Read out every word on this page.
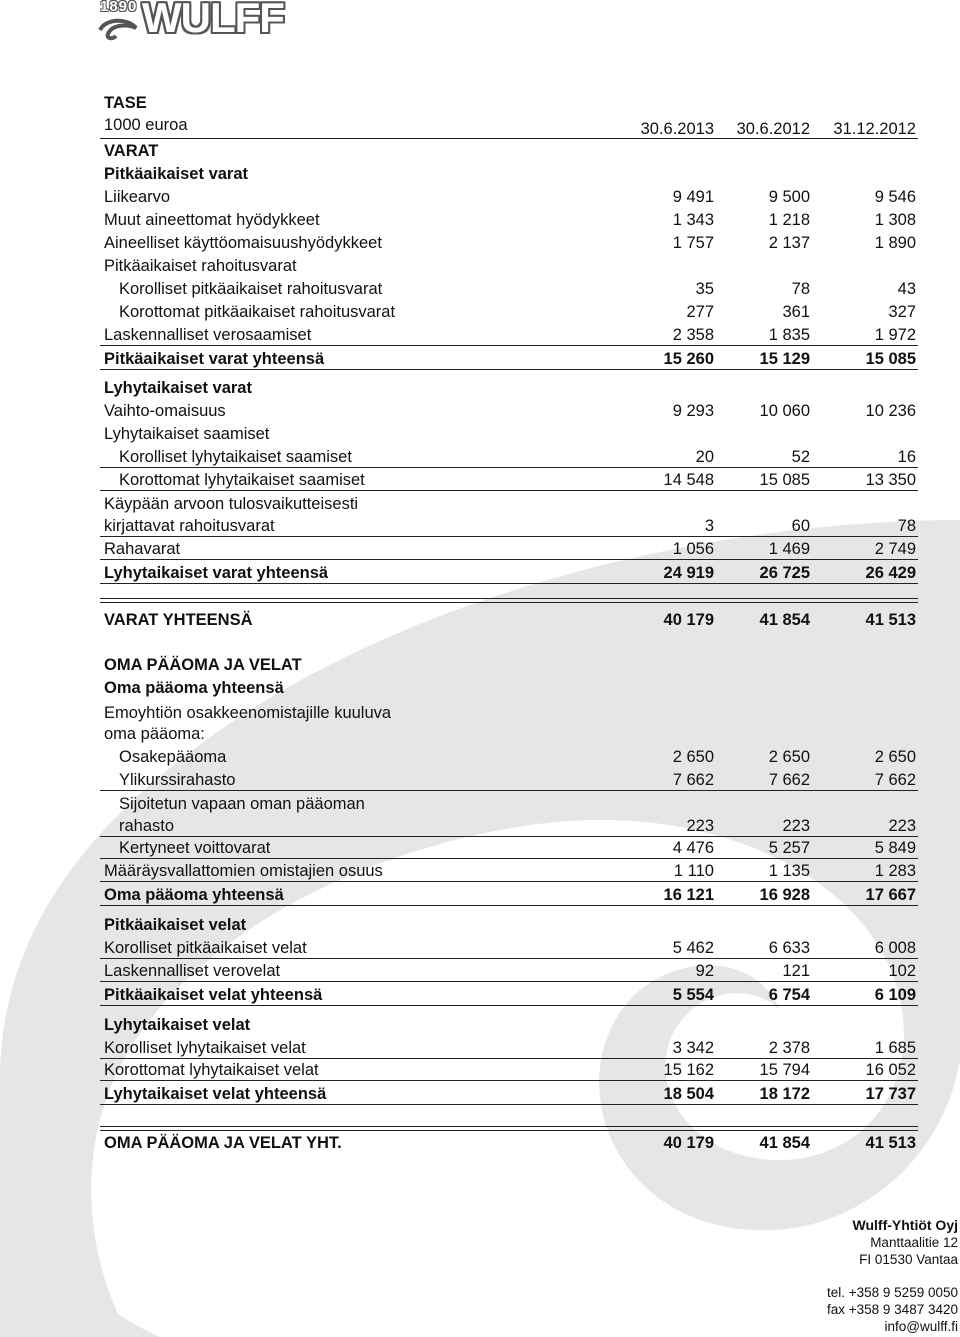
1890 WULFF
TASE
1000 euroa	30.6.2013	30.6.2012	31.12.2012
VARAT
Pitkäaikaiset varat
Liikearvo	9 491	9 500	9 546
Muut aineettomat hyödykkeet	1 343	1 218	1 308
Aineelliset käyttöomaisuushyödykkeet	1 757	2 137	1 890
Pitkäaikaiset rahoitusvarat
Korolliset pitkäaikaiset rahoitusvarat	35	78	43
Korottomat pitkäaikaiset rahoitusvarat	277	361	327
Laskennalliset verosaamiset	2 358	1 835	1 972
Pitkäaikaiset varat yhteensä	15 260	15 129	15 085
Lyhytaikaiset varat
Vaihto-omaisuus	9 293	10 060	10 236
Lyhytaikaiset saamiset
Korolliset lyhytaikaiset saamiset	20	52	16
Korottomat lyhytaikaiset saamiset	14 548	15 085	13 350
Käypään arvoon tulosvaikutteisesti
kirjattavat rahoitusvarat	3	60	78
Rahavarat	1 056	1 469	2 749
Lyhytaikaiset varat yhteensä	24 919	26 725	26 429
VARAT YHTEENSÄ	40 179	41 854	41 513
OMA PÄÄOMA JA VELAT
Oma pääoma yhteensä
Emoyhtiön osakkeenomistajille kuuluva
oma pääoma:
Osakepääoma	2 650	2 650	2 650
Ylikurssirahasto	7 662	7 662	7 662
Sijoitetun vapaan oman pääoman
rahasto	223	223	223
Kertyneet voittovarat	4 476	5 257	5 849
Määräysvallattomien omistajien osuus	1 110	1 135	1 283
Oma pääoma yhteensä	16 121	16 928	17 667
Pitkäaikaiset velat
Korolliset pitkäaikaiset velat	5 462	6 633	6 008
Laskennalliset verovelat	92	121	102
Pitkäaikaiset velat yhteensä	5 554	6 754	6 109
Lyhytaikaiset velat
Korolliset lyhytaikaiset velat	3 342	2 378	1 685
Korottomat lyhytaikaiset velat	15 162	15 794	16 052
Lyhytaikaiset velat yhteensä	18 504	18 172	17 737
OMA PÄÄOMA JA VELAT YHT.	40 179	41 854	41 513
Wulff-Yhtiöt Oyj
Manttaalitie 12
FI 01530 Vantaa
tel. +358 9 5259 0050
fax +358 9 3487 3420
info@wulff.fi
